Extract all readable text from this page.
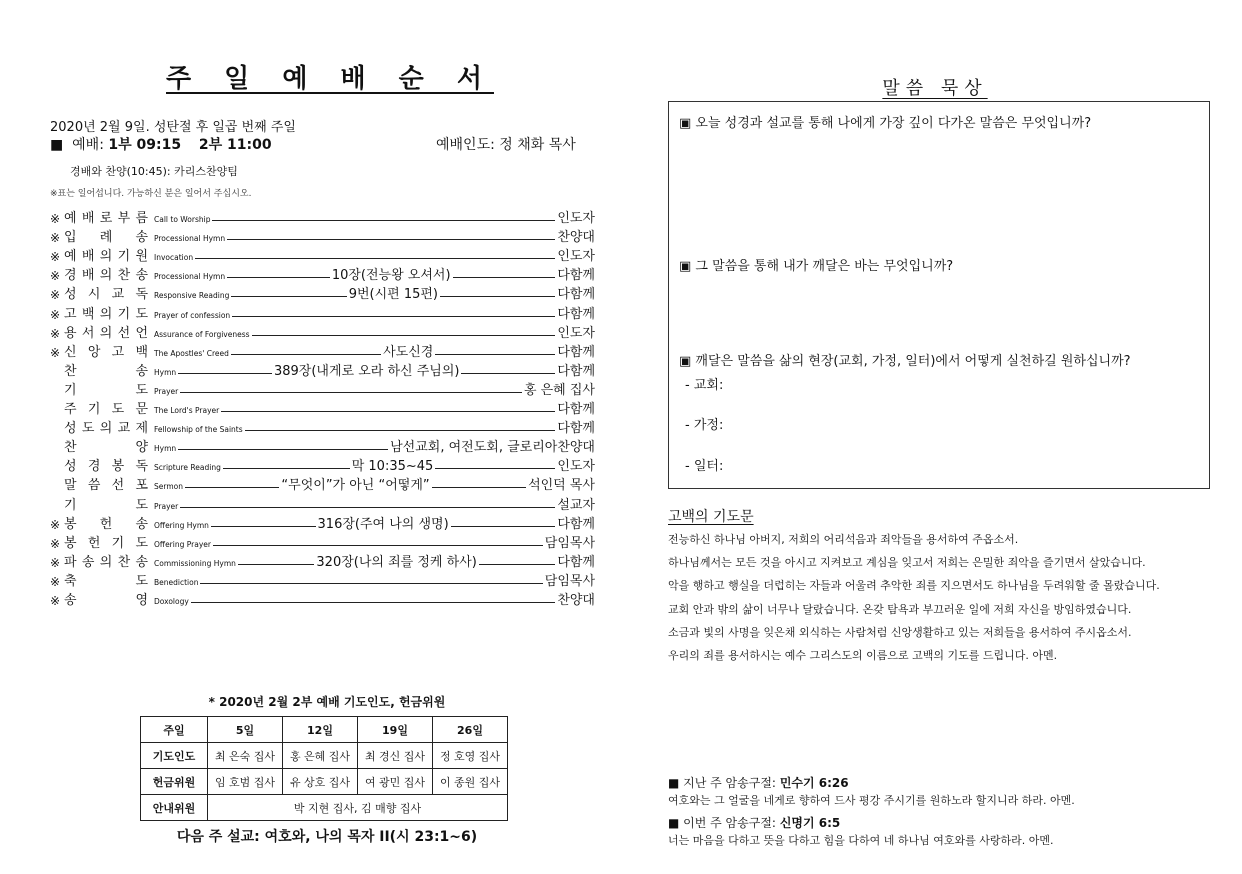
주 일 예 배 순 서
2020년 2월 9일. 성탄절 후 일곱 번째 주일
■ 예배: 1부 09:15 2부 11:00	예배인도: 정 채화 목사
경배와 찬양(10:45): 카리스찬양팀
※표는 일어섭니다. 가능하신 분은 일어서 주십시오.
※ 예 배 로 부 름 Call to Worship	인도자
※ 입 례 송 Processional Hymn	찬양대
※ 예 배 의 기 원 Invocation	인도자
※ 경 배 의 찬 송 Processional Hymn	10장(전능왕 오셔서)	다함께
※ 성 시 교 독 Responsive Reading	9번(시편 15편)	다함께
※ 고 백 의 기 도 Prayer of confession	다함께
※ 용 서 의 선 언 Assurance of Forgiveness	인도자
※ 신 앙 고 백 The Apostles' Creed	사도신경	다함께
찬	송 Hymn	389장(내게로 오라 하신 주님의)	다함께
기	도 Prayer	홍 은혜 집사
주 기 도 문 The Lord's Prayer	다함께
성 도 의 교 제 Fellowship of the Saints	다함께
찬	양 Hymn	남선교회, 여전도회, 글로리아찬양대
성 경 봉 독 Scripture Reading	막 10:35~45	인도자
말 씀 선 포 Sermon	“무엇이”가 아닌 “어떻게”	석인덕 목사
기	도 Prayer	설교자
※ 봉 헌 송 Offering Hymn	316장(주여 나의 생명)	다함께
※ 봉 헌 기 도 Offering Prayer	담임목사
※ 파 송 의 찬 송 Commissioning Hymn	320장(나의 죄를 정케 하사)	다함께
※ 축	도 Benediction	담임목사
※ 송	영 Doxology	찬양대
* 2020년 2월 2부 예배 기도인도, 헌금위원
주일	5일	12일	19일	26일
기도인도	최 은숙 집사	홍 은혜 집사	최 경신 집사	정 호영 집사
헌금위원	임 호범 집사	유 상호 집사	여 광민 집사	이 종원 집사
안내위원	박 지현 집사, 김 매향 집사			
다음 주 설교: 여호와, 나의 목자 II(시 23:1~6)
말씀 묵상
▣ 오늘 성경과 설교를 통해 나에게 가장 깊이 다가온 말씀은 무엇입니까?
▣ 그 말씀을 통해 내가 깨달은 바는 무엇입니까?
▣ 깨달은 말씀을 삶의 현장(교회, 가정, 일터)에서 어떻게 실천하길 원하십니까?
- 교회:
- 가정:
- 일터:
고백의 기도문
전능하신 하나님 아버지, 저희의 어리석음과 죄악들을 용서하여 주옵소서.
하나님께서는 모든 것을 아시고 지켜보고 계심을 잊고서 저희는 은밀한 죄악을 즐기면서 살았습니다.
악을 행하고 행실을 더럽히는 자들과 어울려 추악한 죄를 지으면서도 하나님을 두려워할 줄 몰랐습니다.
교회 안과 밖의 삶이 너무나 달랐습니다. 온갖 탐욕과 부끄러운 일에 저희 자신을 방임하였습니다.
소금과 빛의 사명을 잊은채 외식하는 사람처럼 신앙생활하고 있는 저희들을 용서하여 주시옵소서.
우리의 죄를 용서하시는 예수 그리스도의 이름으로 고백의 기도를 드립니다. 아멘.
■ 지난 주 암송구절: 민수기 6:26
여호와는 그 얼굴을 네게로 향하여 드사 평강 주시기를 원하노라 할지니라 하라. 아멘.
■ 이번 주 암송구절: 신명기 6:5
너는 마음을 다하고 뜻을 다하고 힘을 다하여 네 하나님 여호와를 사랑하라. 아멘.
